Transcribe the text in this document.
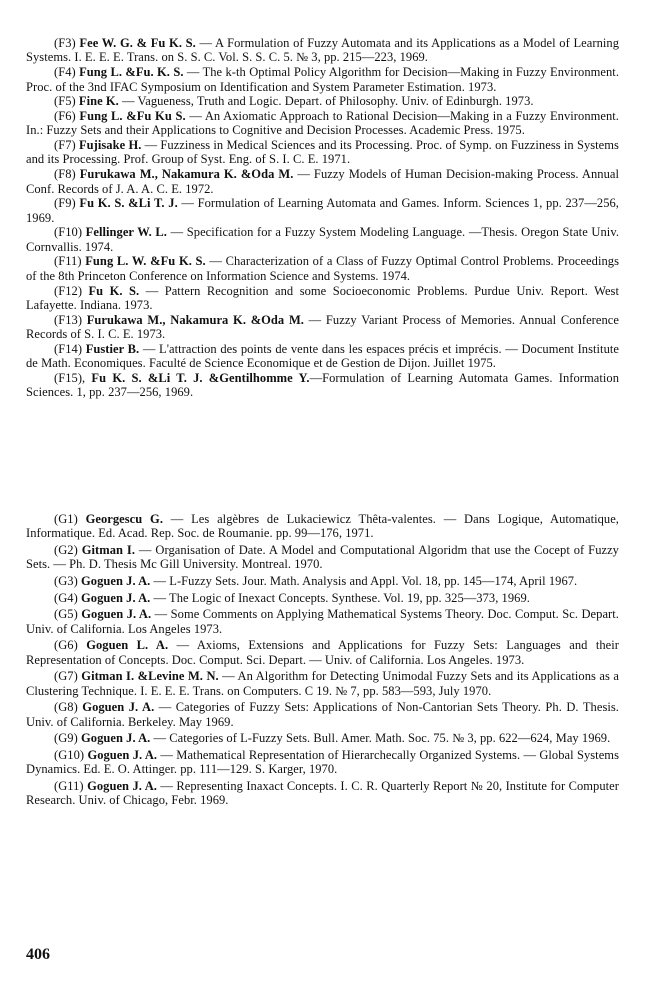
(F3) Fee W. G. & Fu K. S. — A Formulation of Fuzzy Automata and its Applications as a Model of Learning Systems. I. E. E. E. Trans. on S. S. C. Vol. S. S. C. 5. № 3, pp. 215—223, 1969.

(F4) Fung L. &Fu. K. S. — The k-th Optimal Policy Algorithm for Decision—Making in Fuzzy Environment. Proc. of the 3nd IFAC Symposium on Identification and System Parameter Estimation. 1973.

(F5) Fine K. — Vagueness, Truth and Logic. Depart. of Philosophy. Univ. of Edinburgh. 1973.

(F6) Fung L. &Fu Ku S. — An Axiomatic Approach to Rational Decision—Making in a Fuzzy Environment. In.: Fuzzy Sets and their Applications to Cognitive and Decision Processes. Academic Press. 1975.

(F7) Fujisake H. — Fuzziness in Medical Sciences and its Processing. Proc. of Symp. on Fuzziness in Systems and its Processing. Prof. Group of Syst. Eng. of S. I. C. E. 1971.

(F8) Furukawa M., Nakamura K. &Oda M. — Fuzzy Models of Human Decision-making Process. Annual Conf. Records of J. A. A. C. E. 1972.

(F9) Fu K. S. &Li T. J. — Formulation of Learning Automata and Games. Inform. Sciences 1, pp. 237—256, 1969.

(F10) Fellinger W. L. — Specification for a Fuzzy System Modeling Language. —Thesis. Oregon State Univ. Cornvallis. 1974.

(F11) Fung L. W. &Fu K. S. — Characterization of a Class of Fuzzy Optimal Control Problems. Proceedings of the 8th Princeton Conference on Information Science and Systems. 1974.

(F12) Fu K. S. — Pattern Recognition and some Socioeconomic Problems. Purdue Univ. Report. West Lafayette. Indiana. 1973.

(F13) Furukawa M., Nakamura K. &Oda M. — Fuzzy Variant Process of Memories. Annual Conference Records of S. I. C. E. 1973.

(F14) Fustier B. — L'attraction des points de vente dans les espaces précis et imprécis. — Document Institute de Math. Economiques. Faculté de Science Economique et de Gestion de Dijon. Juillet 1975.

(F15), Fu K. S. &Li T. J. &Gentilhomme Y.—Formulation of Learning Automata Games. Information Sciences. 1, pp. 237—256, 1969.

(G1) Georgescu G. — Les algèbres de Lukaciewicz Thêta-valentes. — Dans Logique, Automatique, Informatique. Ed. Acad. Rep. Soc. de Roumanie. pp. 99—176, 1971.

(G2) Gitman I. — Organisation of Date. A Model and Computational Algoridm that use the Cocept of Fuzzy Sets. — Ph. D. Thesis Mc Gill University. Montreal. 1970.

(G3) Goguen J. A. — L-Fuzzy Sets. Jour. Math. Analysis and Appl. Vol. 18, pp. 145—174, April 1967.

(G4) Goguen J. A. — The Logic of Inexact Concepts. Synthese. Vol. 19, pp. 325—373, 1969.

(G5) Goguen J. A. — Some Comments on Applying Mathematical Systems Theory. Doc. Comput. Sc. Depart. Univ. of California. Los Angeles 1973.

(G6) Goguen L. A. — Axioms, Extensions and Applications for Fuzzy Sets: Languages and their Representation of Concepts. Doc. Comput. Sci. Depart. — Univ. of California. Los Angeles. 1973.

(G7) Gitman I. &Levine M. N. — An Algorithm for Detecting Unimodal Fuzzy Sets and its Applications as a Clustering Technique. I. E. E. E. Trans. on Computers. C 19. № 7, pp. 583—593, July 1970.

(G8) Goguen J. A. — Categories of Fuzzy Sets: Applications of Non-Cantorian Sets Theory. Ph. D. Thesis. Univ. of California. Berkeley. May 1969.

(G9) Goguen J. A. — Categories of L-Fuzzy Sets. Bull. Amer. Math. Soc. 75. № 3, pp. 622—624, May 1969.

(G10) Goguen J. A. — Mathematical Representation of Hierarchecally Organized Systems. — Global Systems Dynamics. Ed. E. O. Attinger. pp. 111—129. S. Karger, 1970.

(G11) Goguen J. A. — Representing Inaxact Concepts. I. C. R. Quarterly Report № 20, Institute for Computer Research. Univ. of Chicago, Febr. 1969.

406
